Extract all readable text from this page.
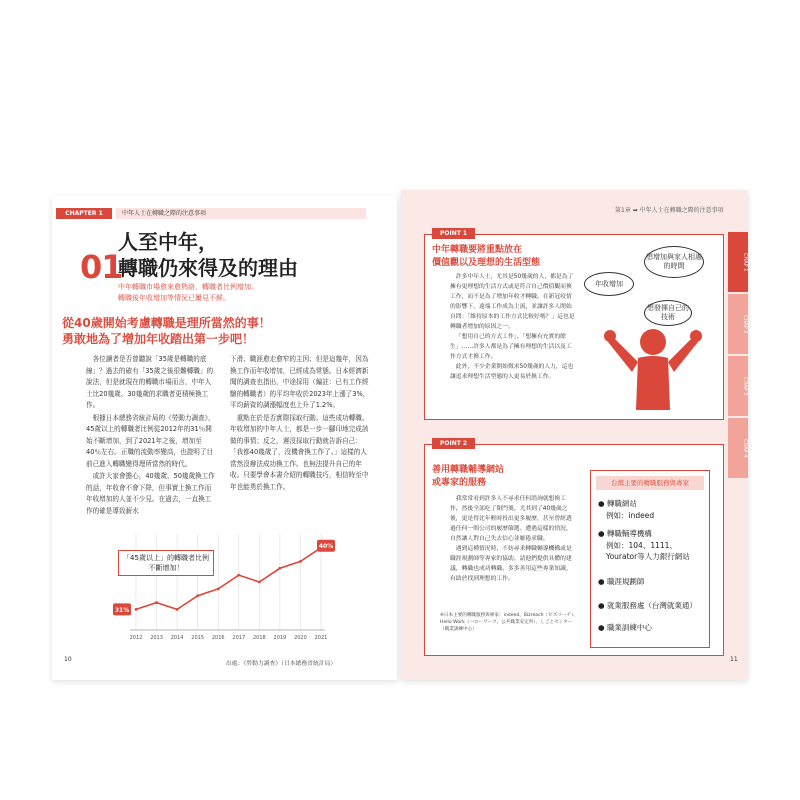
CHAPTER 1	中年人士在轉職之際的注意事項
01
人至中年，
轉職仍來得及的理由
中年轉職市場愈來愈熱絡，轉職者比例增加。
轉職後年收增加等情況已屢見不鮮。
從40歲開始考慮轉職是理所當然的事！
勇敢地為了增加年收踏出第一步吧！

各位讀者是否曾聽說「35歲是轉職的底線」？過去的確有「35歲之後很難轉職」的說法，但是就現在的轉職市場而言，中年人士比20幾歲、30幾歲的求職者更積極換工作。

根據日本總務省統計局的《勞動力調查》，45歲以上的轉職者比例從2012年的31％開始不斷增加，到了2021年之後，增加至40％左右。正職的流動率變高，也證明了目前已進入轉職變得理所當然的時代。

或許大家會擔心，40幾歲、50幾歲換工作的話，年收會不會下降，但事實上換工作而年收增加的人並不少見。在過去，一直換工作的確是導致薪水

下滑、職涯愈走愈窄的主因；但是這幾年，因為換工作而年收增加，已經成為常態。日本經濟新聞的調查也指出，中途採用（編註：已有工作經驗的轉職者）的平均年收於2023年上漲了3%，平均薪資的調漲幅度也上升了1.2%。

重點在於是否實際採取行動。這些成功轉職、年收增加的中年人士，都是一步一腳印地完成該做的事情；反之，遲沒採取行動就告訴自己：「我都40幾歲了，沒機會換工作了。」這樣的人當然沒辦法成功換工作。也無法提升自己的年收。只要學會本書介紹的轉職技巧，相信時至中年也能勇於換工作。

2012 2013 2014 2015 2016 2017 2018 2019 2020 2021
31%
40%
「45歲以上」的轉職者比例不斷增加！
出處：《勞動力調查》（日本總務省統計局）
10
第1章 ➡ 中年人士在轉職之際的注意事項
POINT 1
中年轉職要將重點放在
價值觀以及理想的生活型態

許多中年人士，尤其是50幾歲的人，都是為了擁有更理想的生活方式或是符合自己價值觀而換工作，而不是為了增加年收才轉職。在新冠疫情的影響下，遠端工作成為主流，並讓許多人開始自問：「維持原本的工作方式比較好嗎？」這也是轉職者增加的原因之一。

「想用自己的方式工作」、「想擁有充實的餘生」……許多人都是為了擁有理想的生活以及工作方式才換工作。

此外，不少企業開始徵求50幾歲的人力，這也讓追求理想生活型態的人更易於換工作。

想增加與家人相處的時間
年收增加
想發揮自己的技術
POINT 2
善用轉職輔導網站
或專家的服務

我常常看到許多人不尋求任何諮詢就想換工作，然後全部吃了閉門羹。尤其到了40幾歲之後，更是得比年輕時投出更多履歷，甚至曾經透過任何一間公司的履歷篩選。遭遇這樣的情況，自然讓人對自己失去信心並厭倦求職。

遇到這種情況時，不妨尋求轉職輔導機構或是職涯規劃師等專家的協助。請他們提供具體的建議，轉職也成功轉職。多多善用這些專業知識，有助於找到理想的工作。

※日本主要的轉職服務與專家：indeed、Bizreach（ビズリーチ）、Hello Work（ハローワーク，公共職業安定所）、しごとセンター（職業訓練中心）
台灣主要的轉職服務與專家
● 轉職網站
例如：indeed
● 轉職輔導機構
例如：104、1111、
Yourator等人力銀行網站
● 職涯規劃師
● 就業服務處（台灣就業通）
● 職業訓練中心
11
CHAP 1
CHAP 2
CHAP 3
CHAP 4
